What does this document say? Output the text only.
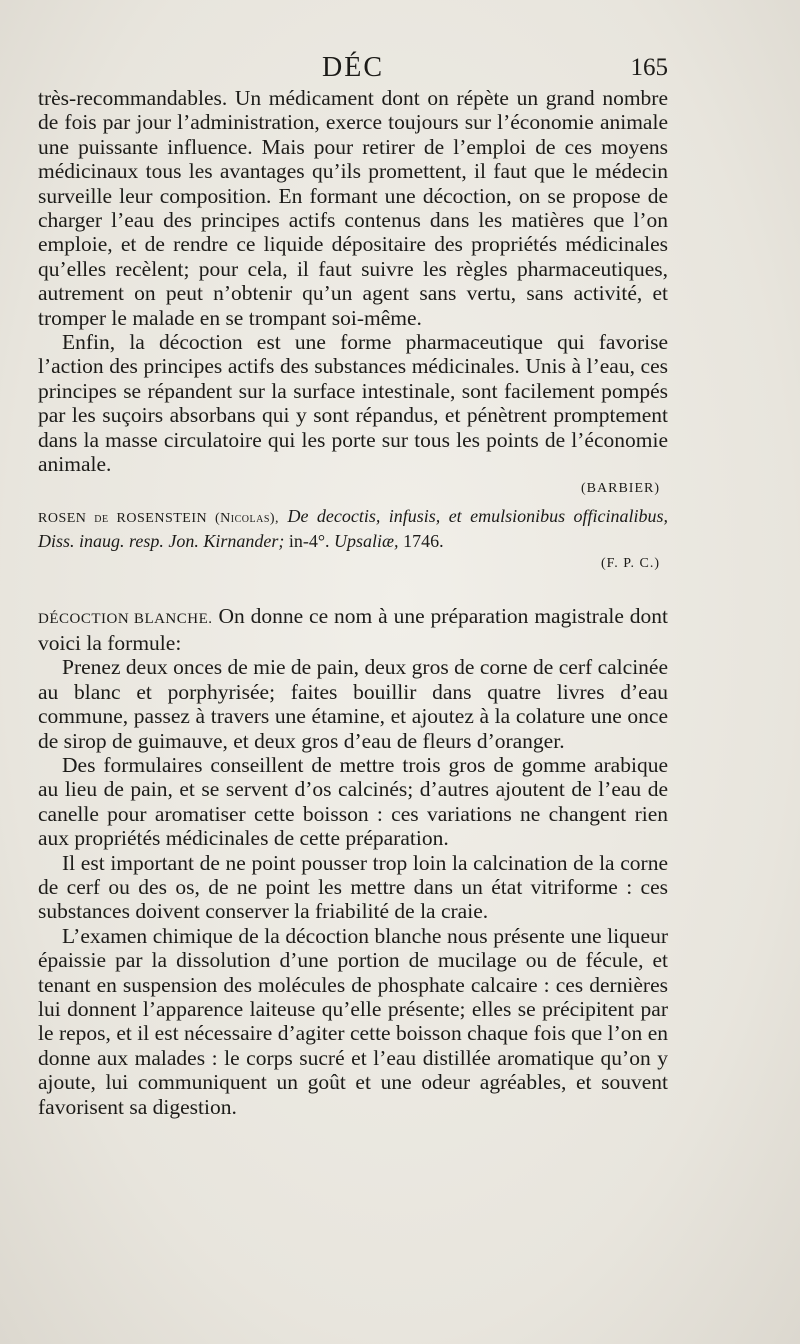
DÉC	165

très-recommandables. Un médicament dont on répète un grand nombre de fois par jour l’administration, exerce toujours sur l’économie animale une puissante influence. Mais pour retirer de l’emploi de ces moyens médicinaux tous les avantages qu’ils promettent, il faut que le médecin surveille leur composition. En formant une décoction, on se propose de charger l’eau des principes actifs contenus dans les matières que l’on emploie, et de rendre ce liquide dépositaire des propriétés médicinales qu’elles recèlent; pour cela, il faut suivre les règles pharmaceutiques, autrement on peut n’obtenir qu’un agent sans vertu, sans activité, et tromper le malade en se trompant soi-même.

Enfin, la décoction est une forme pharmaceutique qui favorise l’action des principes actifs des substances médicinales. Unis à l’eau, ces principes se répandent sur la surface intestinale, sont facilement pompés par les suçoirs absorbans qui y sont répandus, et pénètrent promptement dans la masse circulatoire qui les porte sur tous les points de l’économie animale.

(BARBIER)

ROSEN de ROSENSTEIN (Nicolas), De decoctis, infusis, et emulsionibus officinalibus, Diss. inaug. resp. Jon. Kirnander; in-4°. Upsaliæ, 1746.

(F. P. C.)

DÉCOCTION BLANCHE. On donne ce nom à une préparation magistrale dont voici la formule:

Prenez deux onces de mie de pain, deux gros de corne de cerf calcinée au blanc et porphyrisée; faites bouillir dans quatre livres d’eau commune, passez à travers une étamine, et ajoutez à la colature une once de sirop de guimauve, et deux gros d’eau de fleurs d’oranger.

Des formulaires conseillent de mettre trois gros de gomme arabique au lieu de pain, et se servent d’os calcinés; d’autres ajoutent de l’eau de canelle pour aromatiser cette boisson : ces variations ne changent rien aux propriétés médicinales de cette préparation.

Il est important de ne point pousser trop loin la calcination de la corne de cerf ou des os, de ne point les mettre dans un état vitriforme : ces substances doivent conserver la friabilité de la craie.

L’examen chimique de la décoction blanche nous présente une liqueur épaissie par la dissolution d’une portion de mucilage ou de fécule, et tenant en suspension des molécules de phosphate calcaire : ces dernières lui donnent l’apparence laiteuse qu’elle présente; elles se précipitent par le repos, et il est nécessaire d’agiter cette boisson chaque fois que l’on en donne aux malades : le corps sucré et l’eau distillée aromatique qu’on y ajoute, lui communiquent un goût et une odeur agréables, et souvent favorisent sa digestion.
